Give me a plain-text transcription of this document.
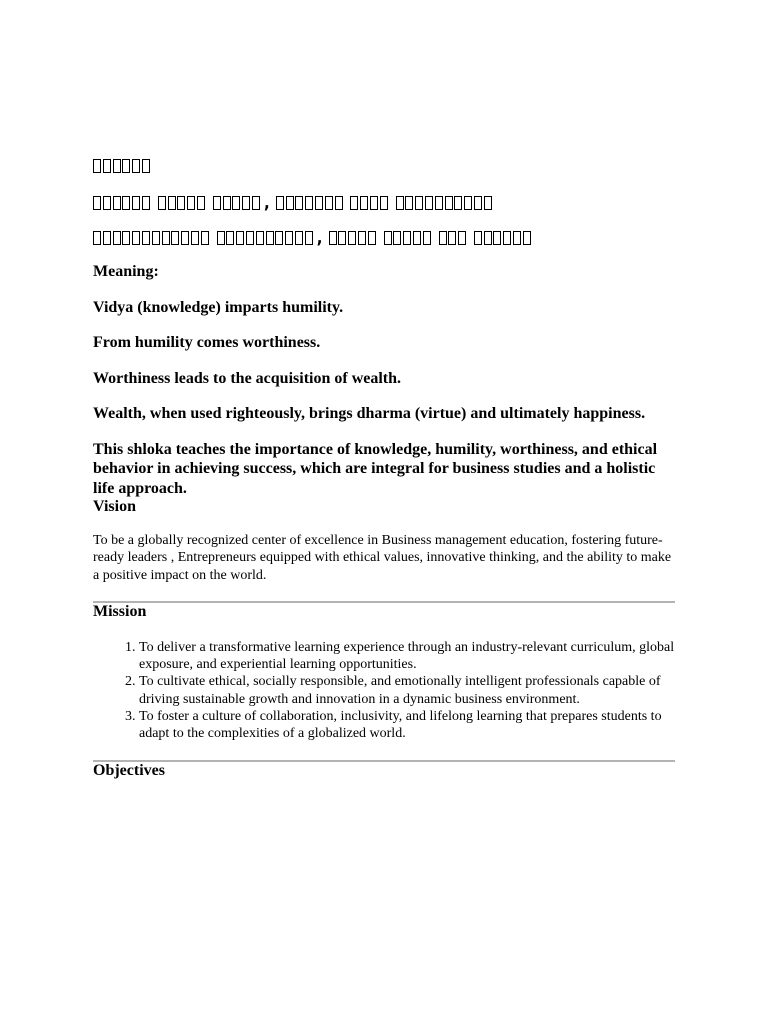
,
,

Meaning:

Vidya (knowledge) imparts humility.

From humility comes worthiness.

Worthiness leads to the acquisition of wealth.

Wealth, when used righteously, brings dharma (virtue) and ultimately happiness.

This shloka teaches the importance of knowledge, humility, worthiness, and ethical behavior in achieving success, which are integral for business studies and a holistic life approach.

Vision

To be a globally recognized center of excellence in Business management education, fostering future-ready leaders , Entrepreneurs equipped with ethical values, innovative thinking, and the ability to make a positive impact on the world.

Mission
1. To deliver a transformative learning experience through an industry-relevant curriculum, global exposure, and experiential learning opportunities.
2. To cultivate ethical, socially responsible, and emotionally intelligent professionals capable of driving sustainable growth and innovation in a dynamic business environment.
3. To foster a culture of collaboration, inclusivity, and lifelong learning that prepares students to adapt to the complexities of a globalized world.
Objectives
